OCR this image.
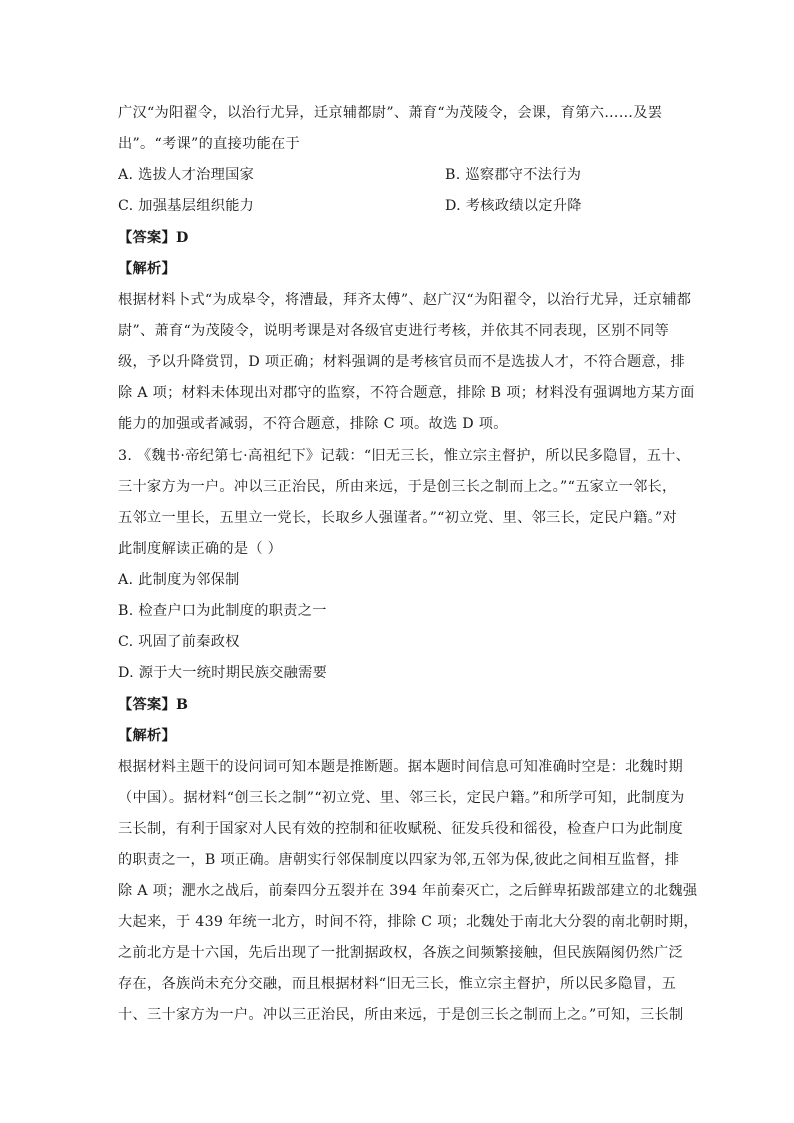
广汉“为阳翟令，以治行尤异，迁京辅都尉”、萧育“为茂陵令，会课，育第六……及罢
出”。“考课”的直接功能在于
A. 选拔人才治理国家	B. 巡察郡守不法行为
C. 加强基层组织能力	D. 考核政绩以定升降
【答案】D
【解析】
根据材料卜式“为成皋令，将漕最，拜齐太傅”、赵广汉“为阳翟令，以治行尤异，迁京辅都
尉”、萧育“为茂陵令，说明考课是对各级官吏进行考核，并依其不同表现，区别不同等
级，予以升降赏罚，D 项正确；材料强调的是考核官员而不是选拔人才，不符合题意，排
除 A 项；材料未体现出对郡守的监察，不符合题意，排除 B 项；材料没有强调地方某方面
能力的加强或者减弱，不符合题意，排除 C 项。故选 D 项。
3. 《魏书·帝纪第七·高祖纪下》记载：“旧无三长，惟立宗主督护，所以民多隐冒，五十、
三十家方为一户。冲以三正治民，所由来远，于是创三长之制而上之。”“五家立一邻长，
五邻立一里长，五里立一党长，长取乡人强谨者。”“初立党、里、邻三长，定民户籍。”对
此制度解读正确的是（ ）
A. 此制度为邻保制
B. 检查户口为此制度的职责之一
C. 巩固了前秦政权
D. 源于大一统时期民族交融需要
【答案】B
【解析】
根据材料主题干的设问词可知本题是推断题。据本题时间信息可知准确时空是：北魏时期
（中国）。据材料“创三长之制”“初立党、里、邻三长，定民户籍。”和所学可知，此制度为
三长制，有利于国家对人民有效的控制和征收赋税、征发兵役和徭役，检查户口为此制度
的职责之一，B 项正确。唐朝实行邻保制度以四家为邻,五邻为保,彼此之间相互监督，排
除 A 项；淝水之战后，前秦四分五裂并在 394 年前秦灭亡，之后鲜卑拓跋部建立的北魏强
大起来，于 439 年统一北方，时间不符，排除 C 项；北魏处于南北大分裂的南北朝时期，
之前北方是十六国，先后出现了一批割据政权，各族之间频繁接触，但民族隔阂仍然广泛
存在，各族尚未充分交融，而且根据材料“旧无三长，惟立宗主督护，所以民多隐冒，五
十、三十家方为一户。冲以三正治民，所由来远，于是创三长之制而上之。”可知，三长制
